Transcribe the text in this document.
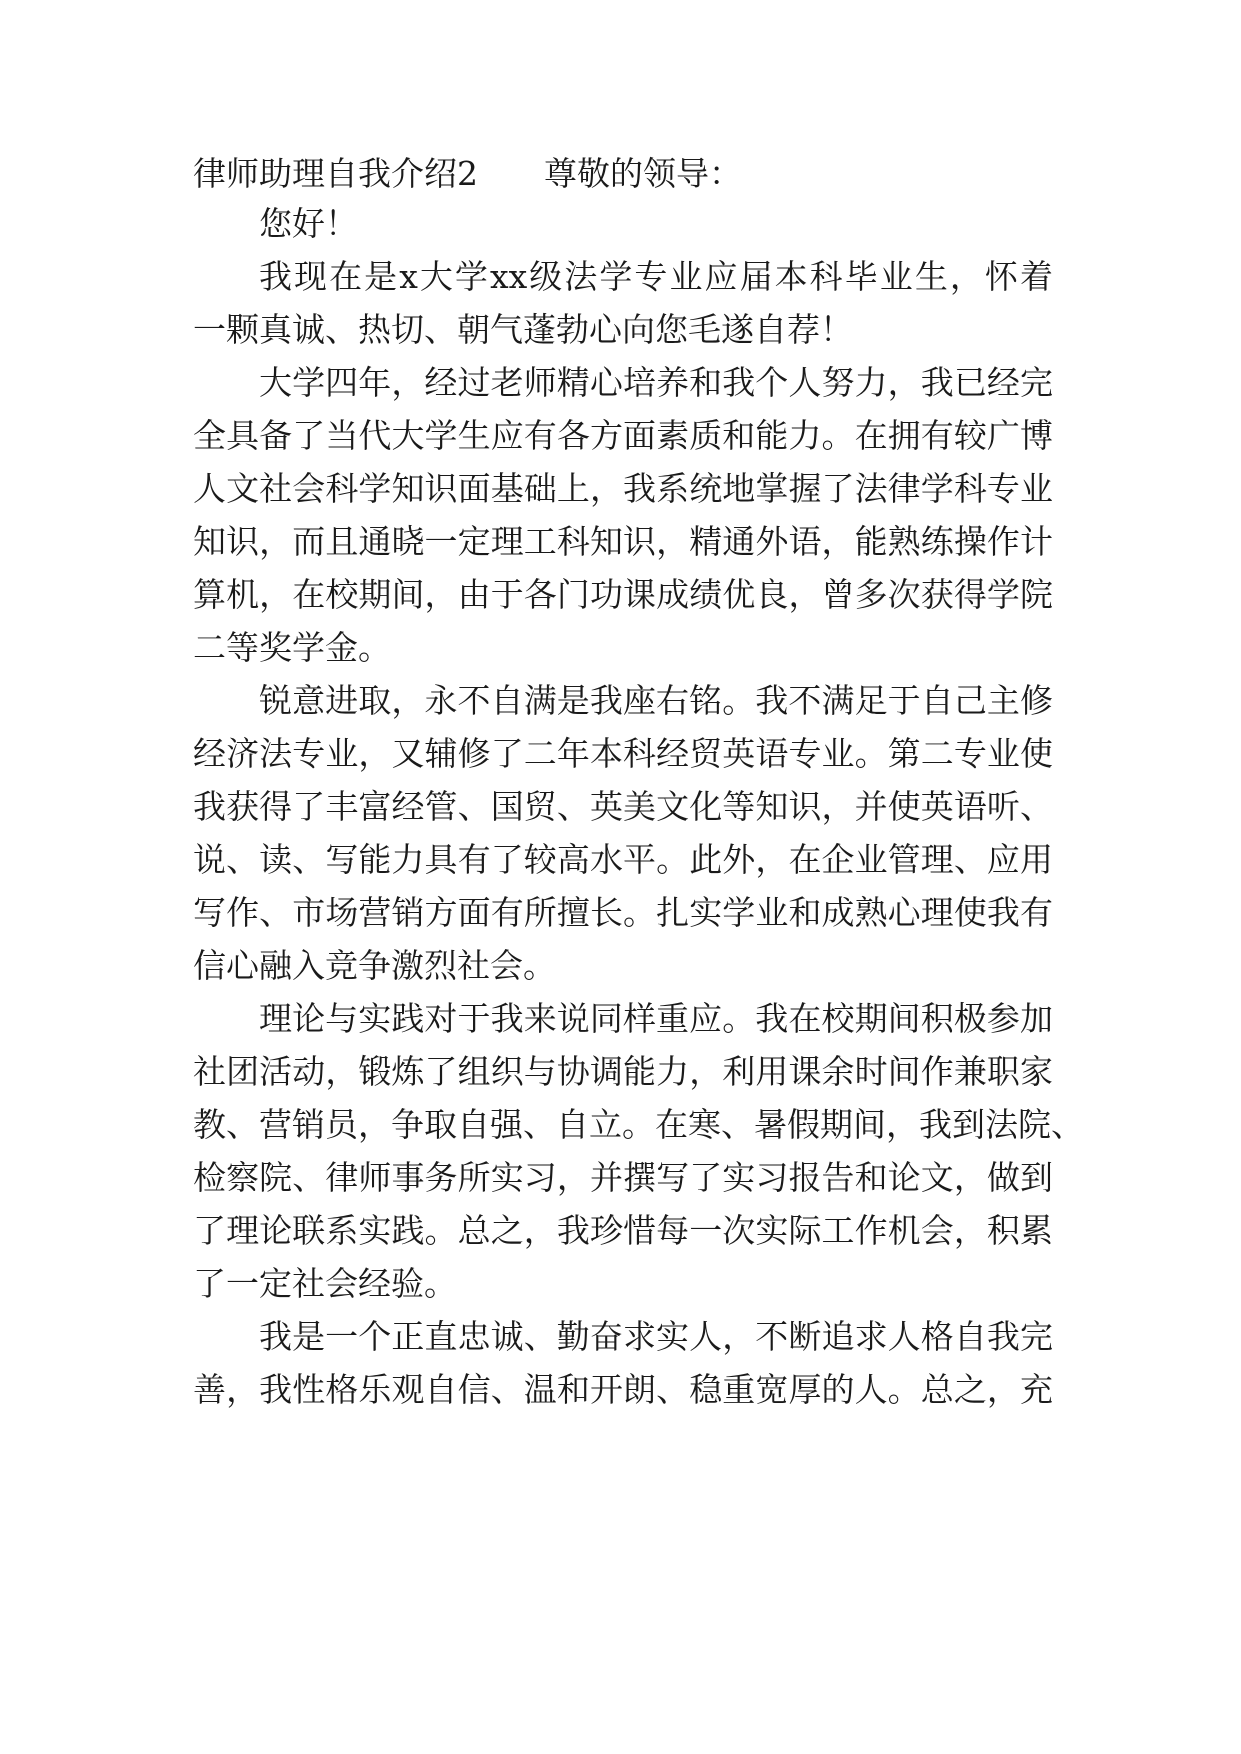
律师助理自我介绍2 尊敬的领导：
您好！
我现在是x大学xx级法学专业应届本科毕业生，怀着
一颗真诚、热切、朝气蓬勃心向您毛遂自荐！
大学四年，经过老师精心培养和我个人努力，我已经完
全具备了当代大学生应有各方面素质和能力。在拥有较广博
人文社会科学知识面基础上，我系统地掌握了法律学科专业
知识，而且通晓一定理工科知识，精通外语，能熟练操作计
算机，在校期间，由于各门功课成绩优良，曾多次获得学院
二等奖学金。
锐意进取，永不自满是我座右铭。我不满足于自己主修
经济法专业，又辅修了二年本科经贸英语专业。第二专业使
我获得了丰富经管、国贸、英美文化等知识，并使英语听、
说、读、写能力具有了较高水平。此外，在企业管理、应用
写作、市场营销方面有所擅长。扎实学业和成熟心理使我有
信心融入竞争激烈社会。
理论与实践对于我来说同样重应。我在校期间积极参加
社团活动，锻炼了组织与协调能力，利用课余时间作兼职家
教、营销员，争取自强、自立。在寒、暑假期间，我到法院、
检察院、律师事务所实习，并撰写了实习报告和论文，做到
了理论联系实践。总之，我珍惜每一次实际工作机会，积累
了一定社会经验。
我是一个正直忠诚、勤奋求实人，不断追求人格自我完
善，我性格乐观自信、温和开朗、稳重宽厚的人。总之，充
